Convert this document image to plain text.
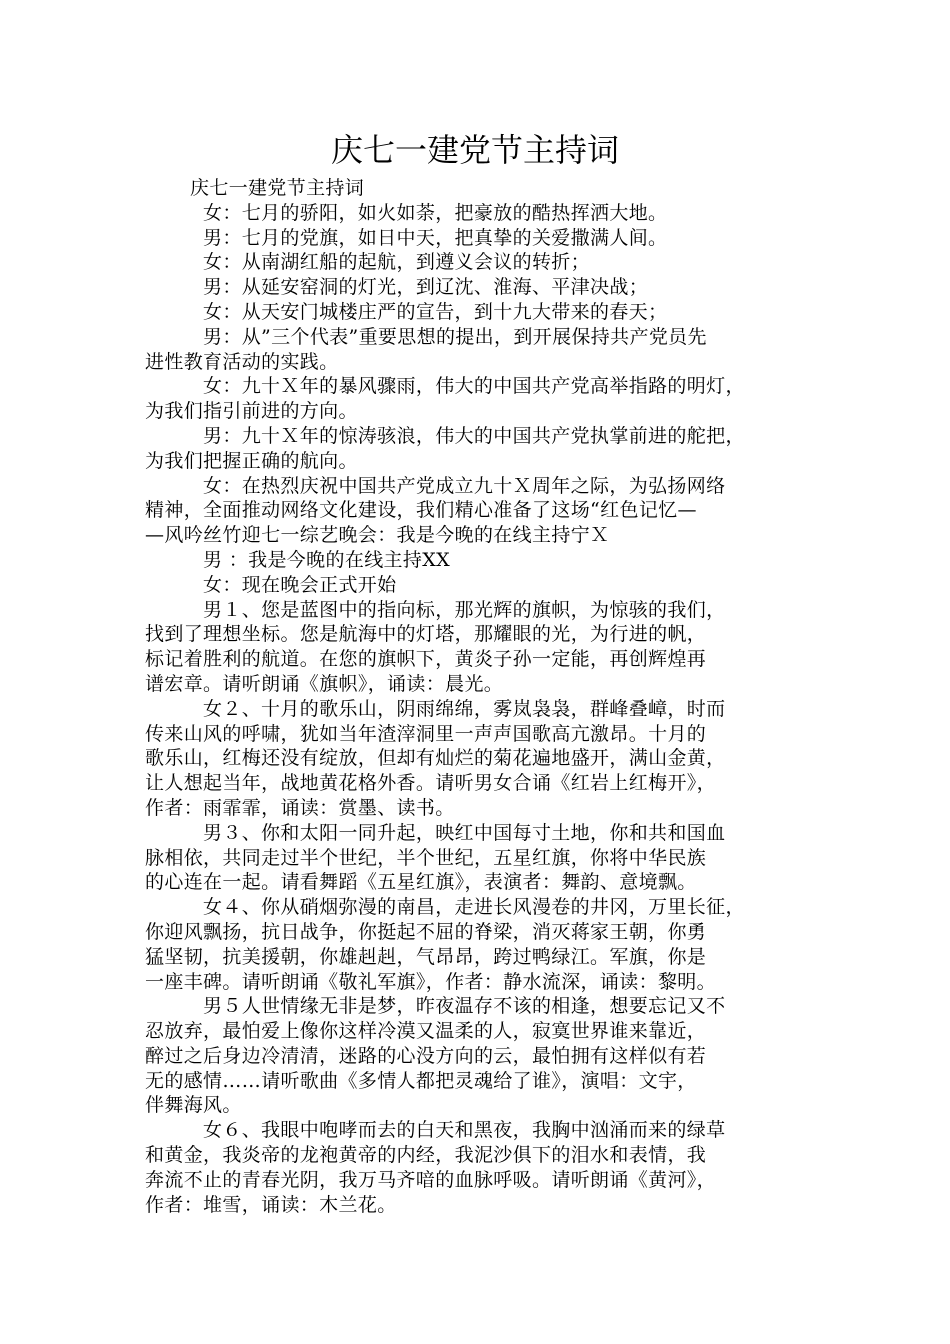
庆七一建党节主持词
庆七一建党节主持词
女：七月的骄阳，如火如荼，把豪放的酷热挥洒大地。
男：七月的党旗，如日中天，把真挚的关爱撒满人间。
女：从南湖红船的起航，到遵义会议的转折；
男：从延安窑洞的灯光，到辽沈、淮海、平津决战；
女：从天安门城楼庄严的宣告，到十九大带来的春天；
男：从”三个代表”重要思想的提出，到开展保持共产党员先
进性教育活动的实践。
女：九十Ｘ年的暴风骤雨，伟大的中国共产党高举指路的明灯，
为我们指引前进的方向。
男：九十Ｘ年的惊涛骇浪，伟大的中国共产党执掌前进的舵把，
为我们把握正确的航向。
女：在热烈庆祝中国共产党成立九十Ｘ周年之际，为弘扬网络
精神，全面推动网络文化建设，我们精心准备了这场“红色记忆—
—风吟丝竹迎七一综艺晚会：我是今晚的在线主持宁Ｘ
男 ：我是今晚的在线主持XX
女：现在晚会正式开始
男１、您是蓝图中的指向标，那光辉的旗帜，为惊骇的我们，
找到了理想坐标。您是航海中的灯塔，那耀眼的光，为行进的帆，
标记着胜利的航道。在您的旗帜下，黄炎子孙一定能，再创辉煌再
谱宏章。请听朗诵《旗帜》，诵读：晨光。
女２、十月的歌乐山，阴雨绵绵，雾岚袅袅，群峰叠嶂，时而
传来山风的呼啸，犹如当年渣滓洞里一声声国歌高亢激昂。十月的
歌乐山，红梅还没有绽放，但却有灿烂的菊花遍地盛开，满山金黄，
让人想起当年，战地黄花格外香。请听男女合诵《红岩上红梅开》，
作者：雨霏霏，诵读：赏墨、读书。
男３、你和太阳一同升起，映红中国每寸土地，你和共和国血
脉相依，共同走过半个世纪，半个世纪，五星红旗，你将中华民族
的心连在一起。请看舞蹈《五星红旗》，表演者：舞韵、意境飘。
女４、你从硝烟弥漫的南昌，走进长风漫卷的井冈，万里长征，
你迎风飘扬，抗日战争，你挺起不屈的脊梁，消灭蒋家王朝，你勇
猛坚韧，抗美援朝，你雄赳赳，气昂昂，跨过鸭绿江。军旗，你是
一座丰碑。请听朗诵《敬礼军旗》，作者：静水流深，诵读：黎明。
男５人世情缘无非是梦，昨夜温存不该的相逢，想要忘记又不
忍放弃，最怕爱上像你这样冷漠又温柔的人，寂寞世界谁来靠近，
醉过之后身边冷清清，迷路的心没方向的云，最怕拥有这样似有若
无的感情……请听歌曲《多情人都把灵魂给了谁》，演唱：文宇，
伴舞海风。
女６、我眼中咆哮而去的白天和黑夜，我胸中汹涌而来的绿草
和黄金，我炎帝的龙袍黄帝的内经，我泥沙俱下的泪水和表情，我
奔流不止的青春光阴，我万马齐喑的血脉呼吸。请听朗诵《黄河》，
作者：堆雪，诵读：木兰花。
